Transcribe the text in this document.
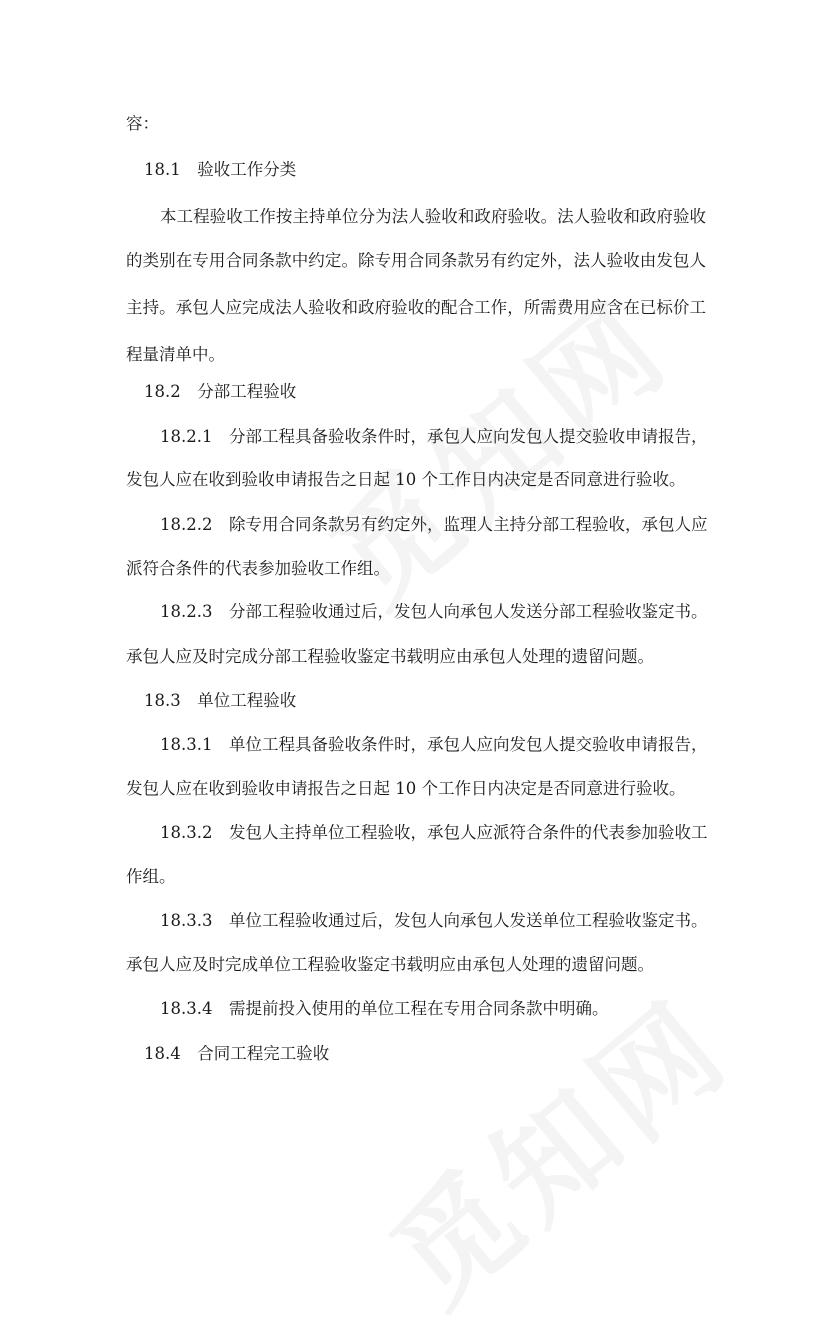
容：
18.1　验收工作分类
本工程验收工作按主持单位分为法人验收和政府验收。法人验收和政府验收
的类别在专用合同条款中约定。除专用合同条款另有约定外，法人验收由发包人
主持。承包人应完成法人验收和政府验收的配合工作，所需费用应含在已标价工
程量清单中。
18.2　分部工程验收
18.2.1　分部工程具备验收条件时，承包人应向发包人提交验收申请报告，
发包人应在收到验收申请报告之日起 10 个工作日内决定是否同意进行验收。
18.2.2　除专用合同条款另有约定外，监理人主持分部工程验收，承包人应
派符合条件的代表参加验收工作组。
18.2.3　分部工程验收通过后，发包人向承包人发送分部工程验收鉴定书。
承包人应及时完成分部工程验收鉴定书载明应由承包人处理的遗留问题。
18.3　单位工程验收
18.3.1　单位工程具备验收条件时，承包人应向发包人提交验收申请报告，
发包人应在收到验收申请报告之日起 10 个工作日内决定是否同意进行验收。
18.3.2　发包人主持单位工程验收，承包人应派符合条件的代表参加验收工
作组。
18.3.3　单位工程验收通过后，发包人向承包人发送单位工程验收鉴定书。
承包人应及时完成单位工程验收鉴定书载明应由承包人处理的遗留问题。
18.3.4　需提前投入使用的单位工程在专用合同条款中明确。
18.4　合同工程完工验收
